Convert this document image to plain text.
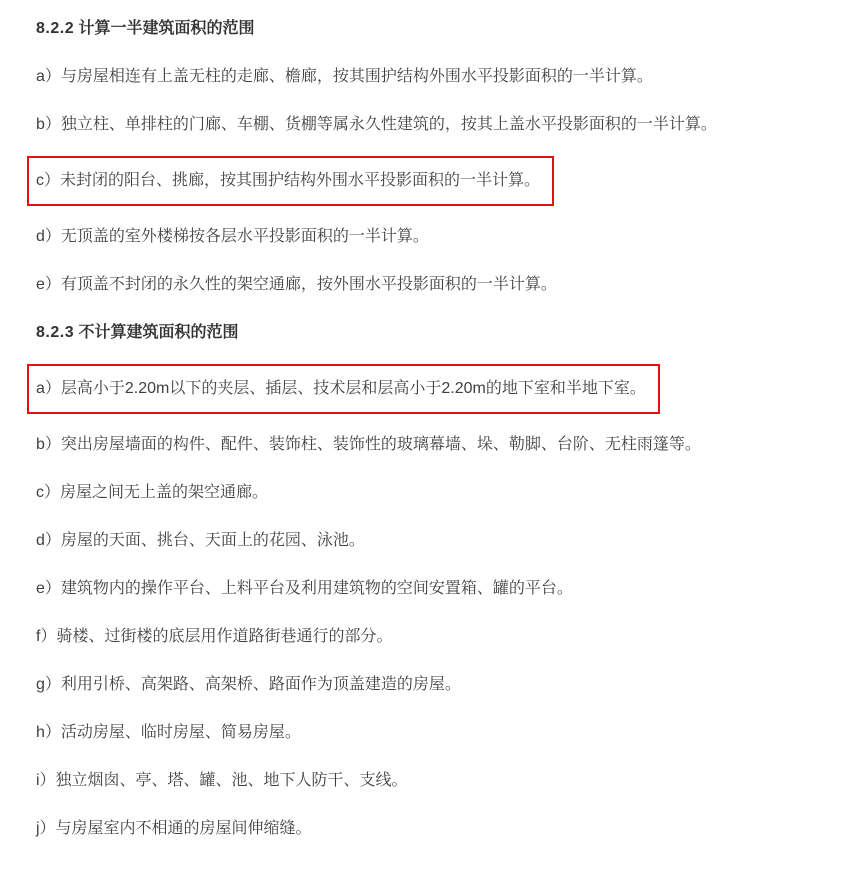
8.2.2 计算一半建筑面积的范围

a）与房屋相连有上盖无柱的走廊、檐廊，按其围护结构外围水平投影面积的一半计算。

b）独立柱、单排柱的门廊、车棚、货棚等属永久性建筑的，按其上盖水平投影面积的一半计算。

c）未封闭的阳台、挑廊，按其围护结构外围水平投影面积的一半计算。

d）无顶盖的室外楼梯按各层水平投影面积的一半计算。

e）有顶盖不封闭的永久性的架空通廊，按外围水平投影面积的一半计算。

8.2.3 不计算建筑面积的范围

a）层高小于2.20m以下的夹层、插层、技术层和层高小于2.20m的地下室和半地下室。

b）突出房屋墙面的构件、配件、装饰柱、装饰性的玻璃幕墙、垛、勒脚、台阶、无柱雨篷等。

c）房屋之间无上盖的架空通廊。

d）房屋的天面、挑台、天面上的花园、泳池。

e）建筑物内的操作平台、上料平台及利用建筑物的空间安置箱、罐的平台。

f）骑楼、过街楼的底层用作道路街巷通行的部分。

g）利用引桥、高架路、高架桥、路面作为顶盖建造的房屋。

h）活动房屋、临时房屋、简易房屋。

i）独立烟囱、亭、塔、罐、池、地下人防干、支线。

j）与房屋室内不相通的房屋间伸缩缝。
